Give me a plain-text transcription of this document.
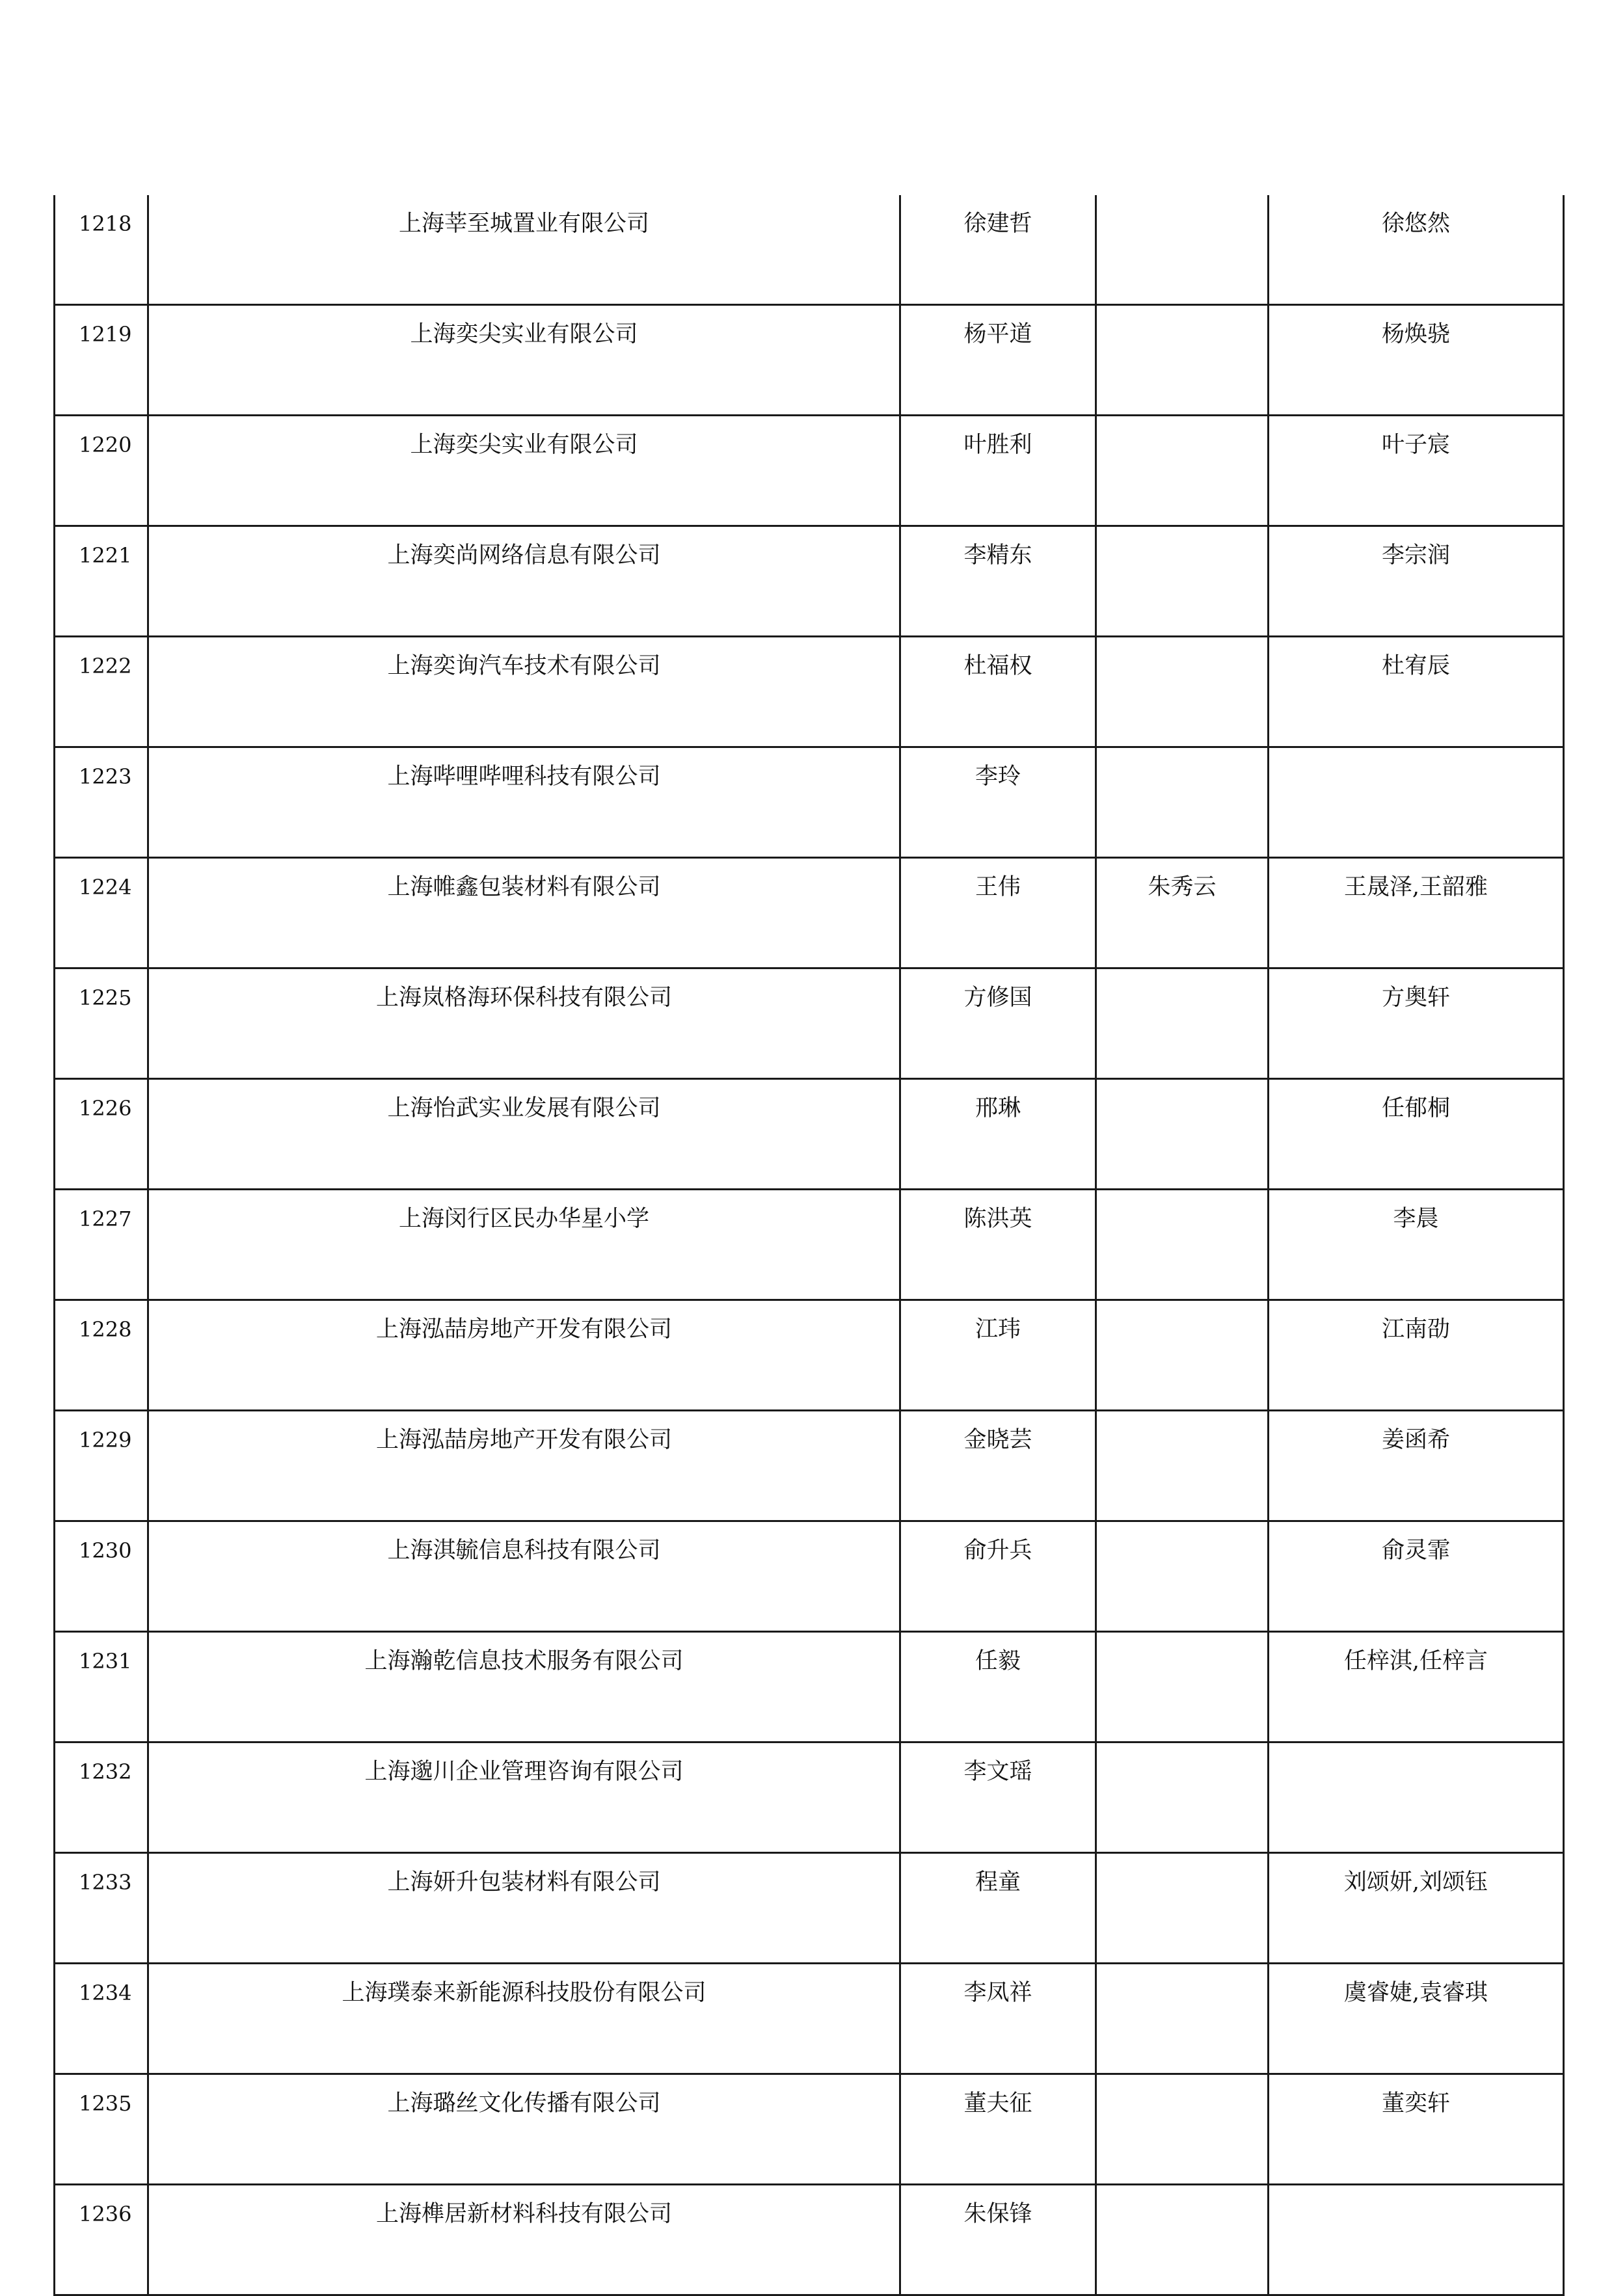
1218	上海莘至城置业有限公司	徐建哲		徐悠然
1219	上海奕尖实业有限公司	杨平道		杨焕骁
1220	上海奕尖实业有限公司	叶胜利		叶子宸
1221	上海奕尚网络信息有限公司	李精东		李宗润
1222	上海奕询汽车技术有限公司	杜福权		杜宥辰
1223	上海哔哩哔哩科技有限公司	李玲		
1224	上海帷鑫包装材料有限公司	王伟	朱秀云	王晟泽,王韶雅
1225	上海岚格海环保科技有限公司	方修国		方奥轩
1226	上海怡武实业发展有限公司	邢琳		任郁桐
1227	上海闵行区民办华星小学	陈洪英		李晨
1228	上海泓喆房地产开发有限公司	江玮		江南劭
1229	上海泓喆房地产开发有限公司	金晓芸		姜函希
1230	上海淇毓信息科技有限公司	俞升兵		俞灵霏
1231	上海瀚乾信息技术服务有限公司	任毅		任梓淇,任梓言
1232	上海邈川企业管理咨询有限公司	李文瑶		
1233	上海妍升包装材料有限公司	程童		刘颂妍,刘颂钰
1234	上海璞泰来新能源科技股份有限公司	李凤祥		虞睿婕,袁睿琪
1235	上海璐丝文化传播有限公司	董夫征		董奕轩
1236	上海榫居新材料科技有限公司	朱保锋		
